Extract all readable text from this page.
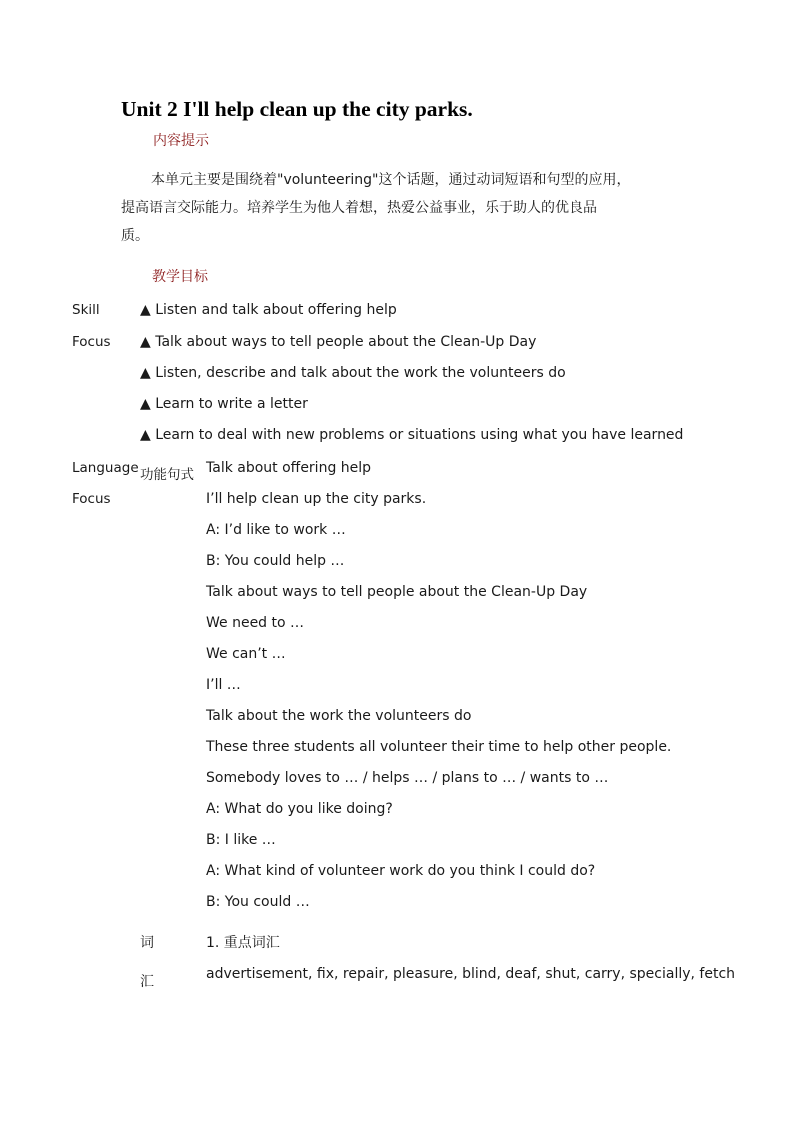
Unit 2 I'll help clean up the city parks.
内容提示
本单元主要是围绕着"volunteering"这个话题，通过动词短语和句型的应用，
提高语言交际能力。培养学生为他人着想，热爱公益事业，乐于助人的优良品
质。
教学目标
Skill
Focus
▲ Listen and talk about offering help
▲ Talk about ways to tell people about the Clean-Up Day
▲ Listen, describe and talk about the work the volunteers do
▲ Learn to write a letter
▲ Learn to deal with new problems or situations using what you have learned
Language
Focus
功能句式 Talk about offering help
I’ll help clean up the city parks.
A: I’d like to work …
B: You could help …
Talk about ways to tell people about the Clean-Up Day
We need to …
We can’t …
I’ll …
Talk about the work the volunteers do
These three students all volunteer their time to help other people.
Somebody loves to … / helps … / plans to … / wants to …
A: What do you like doing?
B: I like …
A: What kind of volunteer work do you think I could do?
B: You could …
词
汇
1. 重点词汇
advertisement, fix, repair, pleasure, blind, deaf, shut, carry, specially, fetch
